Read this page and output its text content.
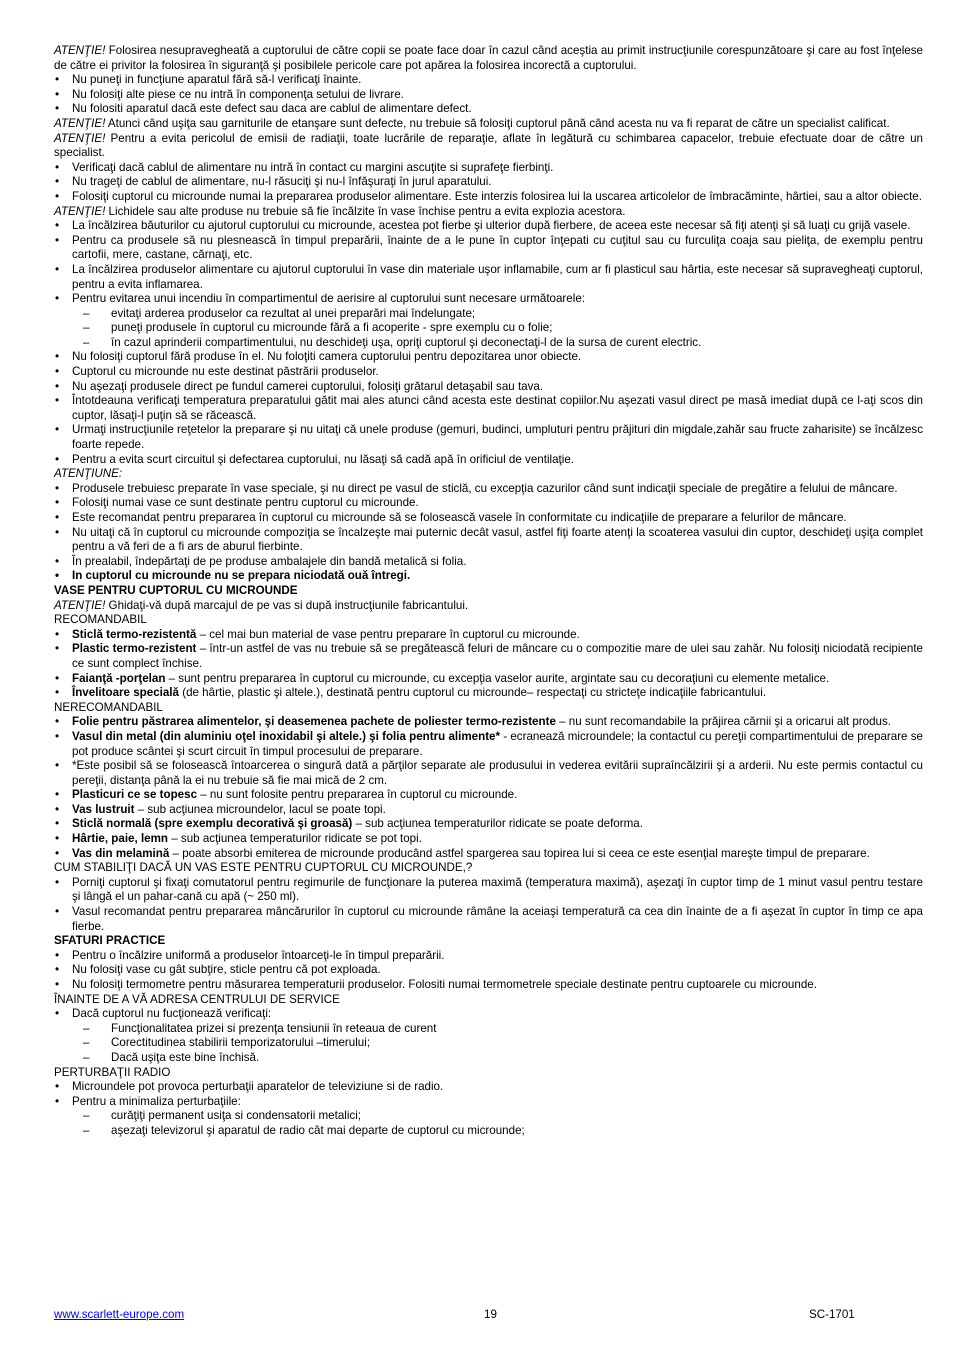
ATENŢIE! Folosirea nesupravegheată a cuptorului de către copii se poate face doar în cazul când aceştia au primit instrucţiunile corespunzătoare şi care au fost înţelese de către ei privitor la folosirea în siguranţă şi posibilele pericole care pot apărea la folosirea incorectă a cuptorului.

• Nu puneţi in funcţiune aparatul fără să-l verificaţi înainte.
• Nu folosiţi alte piese ce nu intră în componenţa setului de livrare.
• Nu folositi aparatul dacă este defect sau daca are cablul de alimentare defect.

ATENŢIE! Atunci când uşiţa sau garniturile de etanşare sunt defecte, nu trebuie să folosiţi cuptorul până când acesta nu va fi reparat de către un specialist calificat.

ATENŢIE! Pentru a evita pericolul de emisii de radiaţii, toate lucrările de reparaţie, aflate în legătură cu schimbarea capacelor, trebuie efectuate doar de către un specialist.

• Verificaţi dacă cablul de alimentare nu intră în contact cu margini ascuţite si suprafeţe fierbinţi.
• Nu trageţi de cablul de alimentare, nu-l răsuciţi şi nu-l înfăşuraţi în jurul aparatului.
• Folosiţi cuptorul cu microunde numai la prepararea produselor alimentare. Este interzis folosirea lui la uscarea articolelor de îmbracăminte, hârtiei, sau a altor obiecte.

ATENŢIE! Lichidele sau alte produse nu trebuie să fie încălzite în vase închise pentru a evita explozia acestora.

• La încălzirea băuturilor cu ajutorul cuptorului cu microunde, acestea pot fierbe şi ulterior după fierbere, de aceea este necesar să fiţi atenţi şi să luaţi cu grijă vasele.
• Pentru ca produsele să nu plesnească în timpul preparării, înainte de a le pune în cuptor înţepati cu cuţitul sau cu furculiţa coaja sau pieliţa, de exemplu pentru cartofii, mere, castane, cărnaţi, etc.
• La încălzirea produselor alimentare cu ajutorul cuptorului în vase din materiale uşor inflamabile, cum ar fi plasticul sau hârtia, este necesar să supravegheaţi cuptorul, pentru a evita inflamarea.
• Pentru evitarea unui incendiu în compartimentul de aerisire al cuptorului sunt necesare următoarele:
– evitaţi arderea produselor ca rezultat al unei preparări mai îndelungate;
– puneţi produsele în cuptorul cu microunde fără a fi acoperite - spre exemplu cu o folie;
– în cazul aprinderii compartimentului, nu deschideţi uşa, opriţi cuptorul şi deconectaţi-l de la sursa de curent electric.
• Nu folosiţi cuptorul fără produse în el. Nu foloţiti camera cuptorului pentru depozitarea unor obiecte.
• Cuptorul cu microunde nu este destinat păstrării produselor.
• Nu aşezaţi produsele direct pe fundul camerei cuptorului, folosiţi grătarul detaşabil sau tava.
• Întotdeauna verificaţi temperatura preparatului gătit mai ales atunci când acesta este destinat copiilor.Nu aşezati vasul direct pe masă imediat după ce l-aţi scos din cuptor, lăsaţi-l puţin să se răcească.
• Urmaţi instrucţiunile reţetelor la preparare şi nu uitaţi că unele produse (gemuri, budinci, umpluturi pentru prăjituri din migdale,zahăr sau fructe zaharisite) se încălzesc foarte repede.
• Pentru a evita scurt circuitul şi defectarea cuptorului, nu lăsaţi să cadă apă în orificiul de ventilaţie.

ATENŢIUNE:

• Produsele trebuiesc preparate în vase speciale, şi nu direct pe vasul de sticlă, cu excepţia cazurilor când sunt indicaţii speciale de pregătire a felului de mâncare.
• Folosiţi numai vase ce sunt destinate pentru cuptorul cu microunde.
• Este recomandat pentru prepararea în cuptorul cu microunde să se folosească vasele în conformitate cu indicaţiile de preparare a felurilor de mâncare.
• Nu uitaţi că în cuptorul cu microunde compoziţia se încalzeşte mai puternic decât vasul, astfel fiţi foarte atenţi la scoaterea vasului din cuptor, deschideţi uşiţa complet pentru a vă feri de a fi ars de aburul fierbinte.
• În prealabil, îndepărtaţi de pe produse ambalajele din bandă metalică si folia.
• In cuptorul cu microunde nu se prepara niciodată ouă întregi.

VASE PENTRU CUPTORUL CU MICROUNDE

ATENŢIE! Ghidaţi-vă după marcajul de pe vas si după instrucţiunile fabricantului.

RECOMANDABIL

• Sticlă termo-rezistentă – cel mai bun material de vase pentru preparare în cuptorul cu microunde.
• Plastic termo-rezistent – într-un astfel de vas nu trebuie să se pregătească feluri de mâncare cu o compozitie mare de ulei sau zahăr. Nu folosiţi niciodată recipiente ce sunt complect închise.
• Faianţă -porţelan – sunt pentru prepararea în cuptorul cu microunde, cu excepţia vaselor aurite, argintate sau cu decoraţiuni cu elemente metalice.
• Învelitoare specială (de hârtie, plastic şi altele.), destinată pentru cuptorul cu microunde– respectaţi cu stricteţe indicaţiile fabricantului.

NERECOMANDABIL

• Folie pentru păstrarea alimentelor, şi deasemenea pachete de poliester termo-rezistente – nu sunt recomandabile la prăjirea cărnii şi a oricarui alt produs.
• Vasul din metal (din aluminiu oţel inoxidabil şi altele.) şi folia pentru alimente* - ecranează microundele; la contactul cu pereţii compartimentului de preparare se pot produce scântei şi scurt circuit în timpul procesului de preparare.
• *Este posibil să se folosească întoarcerea o singură dată a părţilor separate ale produsului in vederea evitării supraîncălzirii şi a arderii. Nu este permis contactul cu pereţii, distanţa până la ei nu trebuie să fie mai mică de 2 cm.
• Plasticuri ce se topesc – nu sunt folosite pentru prepararea în cuptorul cu microunde.
• Vas lustruit – sub acţiunea microundelor, lacul se poate topi.
• Sticlă normală (spre exemplu decorativă şi groasă) – sub acţiunea temperaturilor ridicate se poate deforma.
• Hârtie, paie, lemn – sub acţiunea temperaturilor ridicate se pot topi.
• Vas din melamină – poate absorbi emiterea de microunde producând astfel spargerea sau topirea lui si ceea ce este esenţial mareşte timpul de preparare.

CUM STABILIŢI DACĂ UN VAS ESTE PENTRU CUPTORUL CU MICROUNDE,?

• Porniţi cuptorul şi fixaţi comutatorul pentru regimurile de funcţionare la puterea maximă (temperatura maximă), aşezaţi în cuptor timp de 1 minut vasul pentru testare şi lângă el un pahar-cană cu apă (~ 250 ml).
• Vasul recomandat pentru prepararea mâncărurilor în cuptorul cu microunde râmâne la aceiaşi temperatură ca cea din înainte de a fi aşezat în cuptor în timp ce apa fierbe.

SFATURI PRACTICE

• Pentru o încălzire uniformă a produselor întoarceţi-le în timpul preparării.
• Nu folosiţi vase cu gât subţire, sticle pentru că pot exploada.
• Nu folosiţi termometre pentru măsurarea temperaturii produselor. Folositi numai termometrele speciale destinate pentru cuptoarele cu microunde.

ÎNAINTE DE A VĂ ADRESA CENTRULUI DE SERVICE

• Dacă cuptorul nu fucţionează verificaţi:
– Funcţionalitatea prizei si prezenţa tensiunii în reteaua de curent
– Corectitudinea stabilirii temporizatorului –timerului;
– Dacă uşiţa este bine închisă.

PERTURBAŢII RADIO

• Microundele pot provoca perturbaţii aparatelor de televiziune si de radio.
• Pentru a minimaliza perturbaţiile:
– curăţiţi permanent usiţa si condensatorii metalici;
– aşezaţi televizorul şi aparatul de radio cât mai departe de cuptorul cu microunde;
www.scarlett-europe.com	19	SC-1701
